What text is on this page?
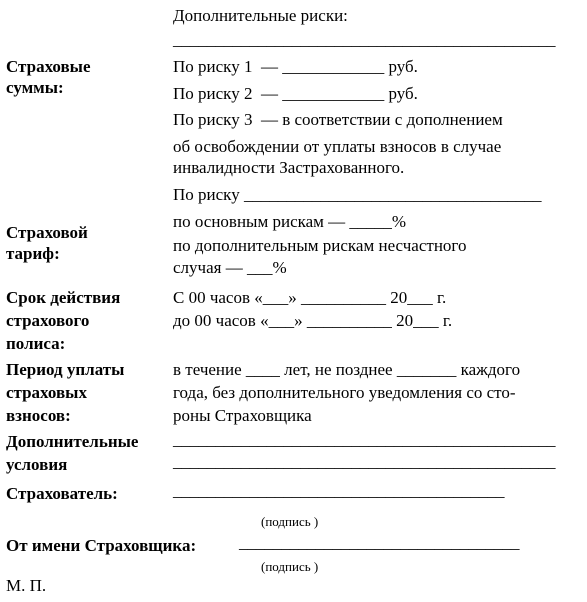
Дополнительные риски:
_____________________________________________
Страховые
суммы:
По риску 1  — ____________ руб.
По риску 2  — ____________ руб.
По риску 3  — в соответствии с дополнением
об освобождении от уплаты взносов в случае
инвалидности Застрахованного.
По риску ___________________________________
Страховой
тариф:
по основным рискам — _____%
по дополнительным рискам несчастного
случая — ___%
Срок действия
страхового
полиса:
С 00 часов «___» __________ 20___ г.
до 00 часов «___» __________ 20___ г.
Период уплаты
страховых
взносов:
в течение ____ лет, не позднее _______ каждого
года, без дополнительного уведомления со сто-
роны Страховщика
Дополнительные
условия
_____________________________________________
_____________________________________________
Страхователь:	_______________________________________
(подпись )
От имени Страховщика:	_________________________________
(подпись )
М. П.
